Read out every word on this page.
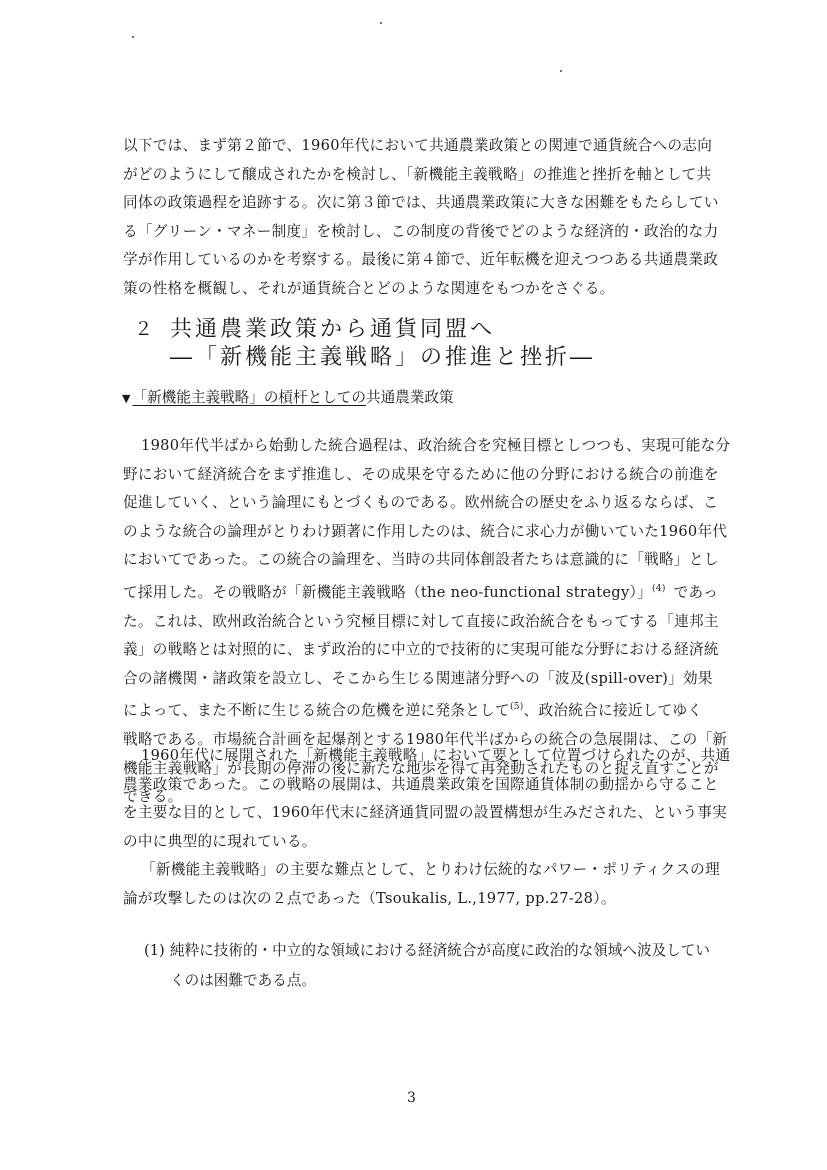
以下では、まず第２節で、1960年代において共通農業政策との関連で通貨統合への志向

がどのようにして醸成されたかを検討し、「新機能主義戦略」の推進と挫折を軸として共

同体の政策過程を追跡する。次に第３節では、共通農業政策に大きな困難をもたらしてい

る「グリーン・マネー制度」を検討し、この制度の背後でどのような経済的・政治的な力

学が作用しているのかを考察する。最後に第４節で、近年転機を迎えつつある共通農業政

策の性格を概観し、それが通貨統合とどのような関連をもつかをさぐる。

２ 共通農業政策から通貨同盟へ
―「新機能主義戦略」の推進と挫折―
▼ 「新機能主義戦略」の槓杆としての共通農業政策

1980年代半ばから始動した統合過程は、政治統合を究極目標としつつも、実現可能な分

野において経済統合をまず推進し、その成果を守るために他の分野における統合の前進を

促進していく、という論理にもとづくものである。欧州統合の歴史をふり返るならば、こ

のような統合の論理がとりわけ顕著に作用したのは、統合に求心力が働いていた1960年代

においてであった。この統合の論理を、当時の共同体創設者たちは意識的に「戦略」とし

て採用した。その戦略が「新機能主義戦略（the neo-functional strategy）」$^{(4)}$ であっ

た。これは、欧州政治統合という究極目標に対して直接に政治統合をもってする「連邦主

義」の戦略とは対照的に、まず政治的に中立的で技術的に実現可能な分野における経済統

合の諸機関・諸政策を設立し、そこから生じる関連諸分野への「波及(spill-over)」効果

によって、また不断に生じる統合の危機を逆に発条として$^{(5)}$、政治統合に接近してゆく

戦略である。市場統合計画を起爆剤とする1980年代半ばからの統合の急展開は、この「新

機能主義戦略」が長期の停滞の後に新たな地歩を得て再発動されたものと捉え直すことが

できる。

1960年代に展開された「新機能主義戦略」において要として位置づけられたのが、共通

農業政策であった。この戦略の展開は、共通農業政策を国際通貨体制の動揺から守ること

を主要な目的として、1960年代末に経済通貨同盟の設置構想が生みだされた、という事実

の中に典型的に現れている。

「新機能主義戦略」の主要な難点として、とりわけ伝統的なパワー・ポリティクスの理

論が攻撃したのは次の２点であった（Tsoukalis, L.,1977, pp.27-28）。

(1) 純粋に技術的・中立的な領域における経済統合が高度に政治的な領域へ波及してい

くのは困難である点。

3
